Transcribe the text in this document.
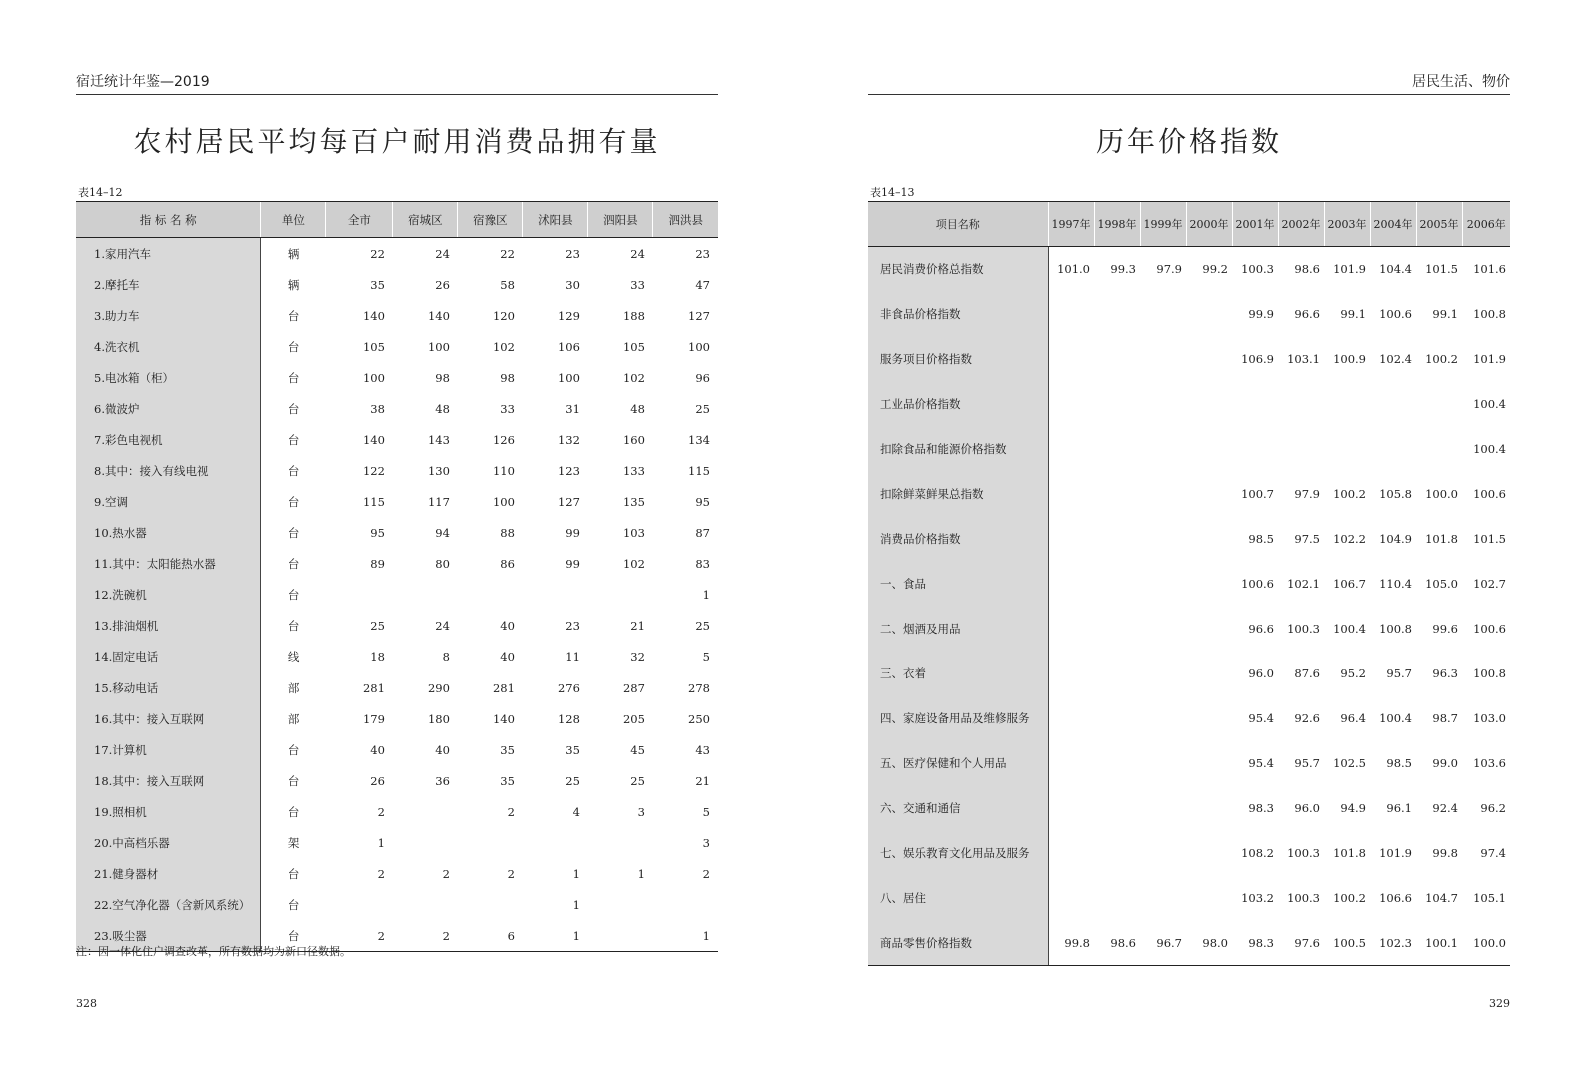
宿迁统计年鉴—2019
农村居民平均每百户耐用消费品拥有量
表14–12
指 标 名 称	单位	全市	宿城区	宿豫区	沭阳县	泗阳县	泗洪县
1.家用汽车	辆	22	24	22	23	24	23
2.摩托车	辆	35	26	58	30	33	47
3.助力车	台	140	140	120	129	188	127
4.洗衣机	台	105	100	102	106	105	100
5.电冰箱（柜）	台	100	98	98	100	102	96
6.微波炉	台	38	48	33	31	48	25
7.彩色电视机	台	140	143	126	132	160	134
8.其中：接入有线电视	台	122	130	110	123	133	115
9.空调	台	115	117	100	127	135	95
10.热水器	台	95	94	88	99	103	87
11.其中：太阳能热水器	台	89	80	86	99	102	83
12.洗碗机	台						1
13.排油烟机	台	25	24	40	23	21	25
14.固定电话	线	18	8	40	11	32	5
15.移动电话	部	281	290	281	276	287	278
16.其中：接入互联网	部	179	180	140	128	205	250
17.计算机	台	40	40	35	35	45	43
18.其中：接入互联网	台	26	36	35	25	25	21
19.照相机	台	2		2	4	3	5
20.中高档乐器	架	1					3
21.健身器材	台	2	2	2	1	1	2
22.空气净化器（含新风系统）	台				1		
23.吸尘器	台	2	2	6	1		1
注：因一体化住户调查改革，所有数据均为新口径数据。
328
居民生活、物价
历年价格指数
表14–13
项目名称	1997年	1998年	1999年	2000年	2001年	2002年	2003年	2004年	2005年	2006年
居民消费价格总指数	101.0	99.3	97.9	99.2	100.3	98.6	101.9	104.4	101.5	101.6
非食品价格指数					99.9	96.6	99.1	100.6	99.1	100.8
服务项目价格指数					106.9	103.1	100.9	102.4	100.2	101.9
工业品价格指数										100.4
扣除食品和能源价格指数										100.4
扣除鲜菜鲜果总指数					100.7	97.9	100.2	105.8	100.0	100.6
消费品价格指数					98.5	97.5	102.2	104.9	101.8	101.5
一、食品					100.6	102.1	106.7	110.4	105.0	102.7
二、烟酒及用品					96.6	100.3	100.4	100.8	99.6	100.6
三、衣着					96.0	87.6	95.2	95.7	96.3	100.8
四、家庭设备用品及维修服务					95.4	92.6	96.4	100.4	98.7	103.0
五、医疗保健和个人用品					95.4	95.7	102.5	98.5	99.0	103.6
六、交通和通信					98.3	96.0	94.9	96.1	92.4	96.2
七、娱乐教育文化用品及服务					108.2	100.3	101.8	101.9	99.8	97.4
八、居住					103.2	100.3	100.2	106.6	104.7	105.1
商品零售价格指数	99.8	98.6	96.7	98.0	98.3	97.6	100.5	102.3	100.1	100.0
329
